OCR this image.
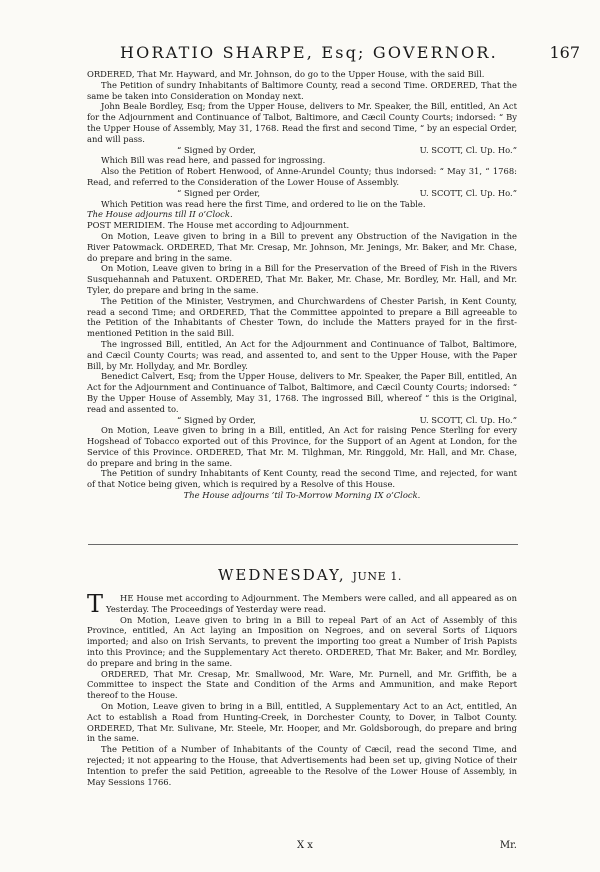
HORATIO SHARPE, Esq; GOVERNOR.	167

ORDERED, That Mr. Hayward, and Mr. Johnson, do go to the Upper House, with the said Bill.

The Petition of sundry Inhabitants of Baltimore County, read a second Time. ORDERED, That the same be taken into Consideration on Monday next.

John Beale Bordley, Esq; from the Upper House, delivers to Mr. Speaker, the Bill, entitled, An Act for the Adjournment and Continuance of Talbot, Baltimore, and Cæcil County Courts; indorsed: “ By the Upper House of Assembly, May 31, 1768. Read the first and second Time, “ by an especial Order, and will pass.

“ Signed by Order,	U. SCOTT, Cl. Up. Ho.”

Which Bill was read here, and passed for ingrossing.

Also the Petition of Robert Henwood, of Anne-Arundel County; thus indorsed: “ May 31, “ 1768: Read, and referred to the Consideration of the Lower House of Assembly.

“ Signed per Order,	U. SCOTT, Cl. Up. Ho.”

Which Petition was read here the first Time, and ordered to lie on the Table.

The House adjourns till II o’Clock.

POST MERIDIEM. The House met according to Adjournment.

On Motion, Leave given to bring in a Bill to prevent any Obstruction of the Navigation in the River Patowmack. ORDERED, That Mr. Cresap, Mr. Johnson, Mr. Jenings, Mr. Baker, and Mr. Chase, do prepare and bring in the same.

On Motion, Leave given to bring in a Bill for the Preservation of the Breed of Fish in the Rivers Susquehannah and Patuxent. ORDERED, That Mr. Baker, Mr. Chase, Mr. Bordley, Mr. Hall, and Mr. Tyler, do prepare and bring in the same.

The Petition of the Minister, Vestrymen, and Churchwardens of Chester Parish, in Kent County, read a second Time; and ORDERED, That the Committee appointed to prepare a Bill agreeable to the Petition of the Inhabitants of Chester Town, do include the Matters prayed for in the first-mentioned Petition in the said Bill.

The ingrossed Bill, entitled, An Act for the Adjournment and Continuance of Talbot, Baltimore, and Cæcil County Courts; was read, and assented to, and sent to the Upper House, with the Paper Bill, by Mr. Hollyday, and Mr. Bordley.

Benedict Calvert, Esq; from the Upper House, delivers to Mr. Speaker, the Paper Bill, entitled, An Act for the Adjournment and Continuance of Talbot, Baltimore, and Cæcil County Courts; indorsed: “ By the Upper House of Assembly, May 31, 1768. The ingrossed Bill, whereof “ this is the Original, read and assented to.

“ Signed by Order,	U. SCOTT, Cl. Up. Ho.”

On Motion, Leave given to bring in a Bill, entitled, An Act for raising Pence Sterling for every Hogshead of Tobacco exported out of this Province, for the Support of an Agent at London, for the Service of this Province. ORDERED, That Mr. M. Tilghman, Mr. Ringgold, Mr. Hall, and Mr. Chase, do prepare and bring in the same.

The Petition of sundry Inhabitants of Kent County, read the second Time, and rejected, for want of that Notice being given, which is required by a Resolve of this House.

The House adjourns ’til To-Morrow Morning IX o’Clock.

WEDNESDAY, JUNE 1.

T HE House met according to Adjournment. The Members were called, and all appeared as on Yesterday. The Proceedings of Yesterday were read.

On Motion, Leave given to bring in a Bill to repeal Part of an Act of Assembly of this Province, entitled, An Act laying an Imposition on Negroes, and on several Sorts of Liquors imported; and also on Irish Servants, to prevent the importing too great a Number of Irish Papists into this Province; and the Supplementary Act thereto. ORDERED, That Mr. Baker, and Mr. Bordley, do prepare and bring in the same.

ORDERED, That Mr. Cresap, Mr. Smallwood, Mr. Ware, Mr. Purnell, and Mr. Griffith, be a Committee to inspect the State and Condition of the Arms and Ammunition, and make Report thereof to the House.

On Motion, Leave given to bring in a Bill, entitled, A Supplementary Act to an Act, entitled, An Act to establish a Road from Hunting-Creek, in Dorchester County, to Dover, in Talbot County. ORDERED, That Mr. Sulivane, Mr. Steele, Mr. Hooper, and Mr. Goldsborough, do prepare and bring in the same.

The Petition of a Number of Inhabitants of the County of Cæcil, read the second Time, and rejected; it not appearing to the House, that Advertisements had been set up, giving Notice of their Intention to prefer the said Petition, agreeable to the Resolve of the Lower House of Assembly, in May Sessions 1766.

X x	Mr.
